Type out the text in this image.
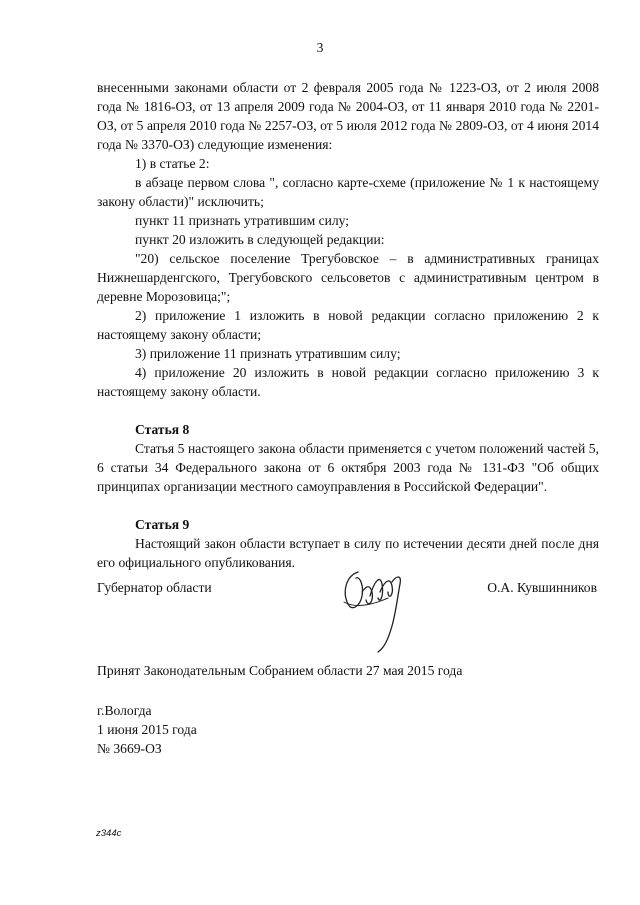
3

внесенными законами области от 2 февраля 2005 года № 1223-ОЗ, от 2 июля 2008 года № 1816-ОЗ, от 13 апреля 2009 года № 2004-ОЗ, от 11 января 2010 года № 2201-ОЗ, от 5 апреля 2010 года № 2257-ОЗ, от 5 июля 2012 года № 2809-ОЗ, от 4 июня 2014 года № 3370-ОЗ) следующие изменения:

1) в статье 2:

в абзаце первом слова ", согласно карте-схеме (приложение № 1 к настоящему закону области)" исключить;

пункт 11 признать утратившим силу;

пункт 20 изложить в следующей редакции:

"20) сельское поселение Трегубовское – в административных границах Нижнешарденгского, Трегубовского сельсоветов с административным центром в деревне Морозовица;";

2) приложение 1 изложить в новой редакции согласно приложению 2 к настоящему закону области;

3) приложение 11 признать утратившим силу;

4) приложение 20 изложить в новой редакции согласно приложению 3 к настоящему закону области.

Статья 8

Статья 5 настоящего закона области применяется с учетом положений частей 5, 6 статьи 34 Федерального закона от 6 октября 2003 года № 131-ФЗ "Об общих принципах организации местного самоуправления в Российской Федерации".

Статья 9

Настоящий закон области вступает в силу по истечении десяти дней после дня его официального опубликования.

Губернатор области	О.А. Кувшинников
Принят Законодательным Собранием области 27 мая 2015 года
г.Вологда
1 июня 2015 года
№ 3669-ОЗ
z344c
